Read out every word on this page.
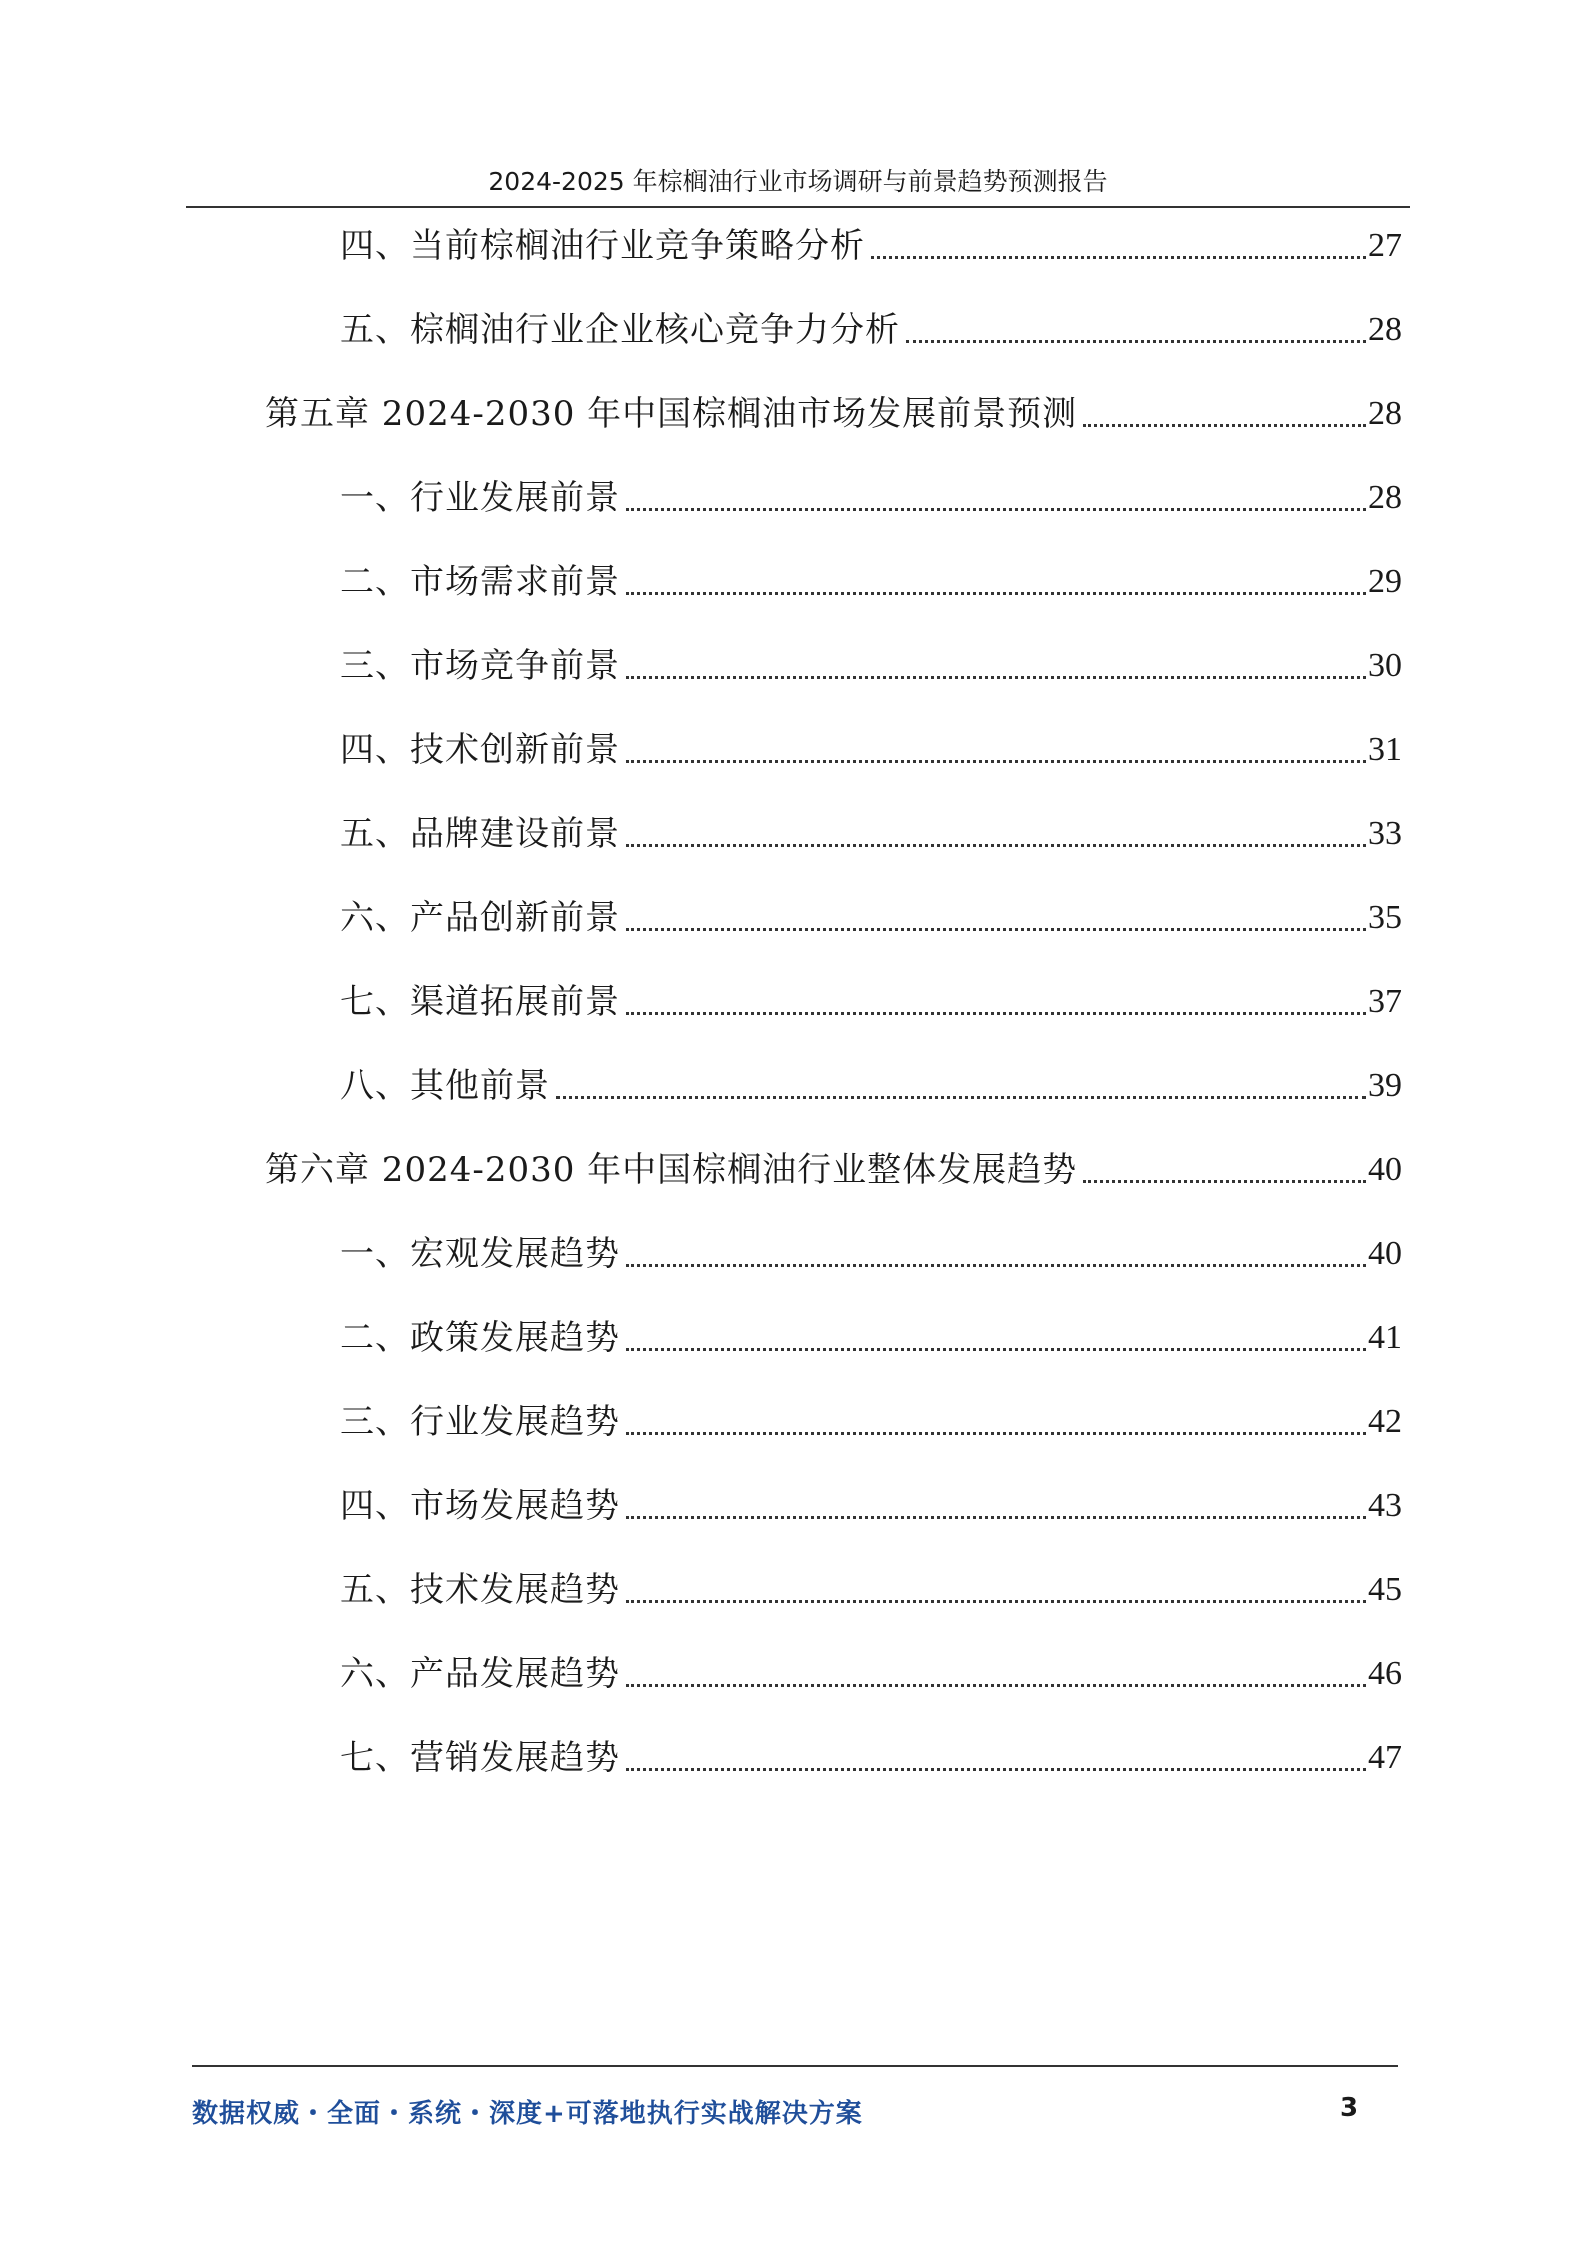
2024-2025 年棕榈油行业市场调研与前景趋势预测报告
四、当前棕榈油行业竞争策略分析	27
五、棕榈油行业企业核心竞争力分析	28
第五章 2024-2030 年中国棕榈油市场发展前景预测	28
一、行业发展前景	28
二、市场需求前景	29
三、市场竞争前景	30
四、技术创新前景	31
五、品牌建设前景	33
六、产品创新前景	35
七、渠道拓展前景	37
八、其他前景	39
第六章 2024-2030 年中国棕榈油行业整体发展趋势	40
一、宏观发展趋势	40
二、政策发展趋势	41
三、行业发展趋势	42
四、市场发展趋势	43
五、技术发展趋势	45
六、产品发展趋势	46
七、营销发展趋势	47
数据权威・全面・系统・深度+可落地执行实战解决方案	3
